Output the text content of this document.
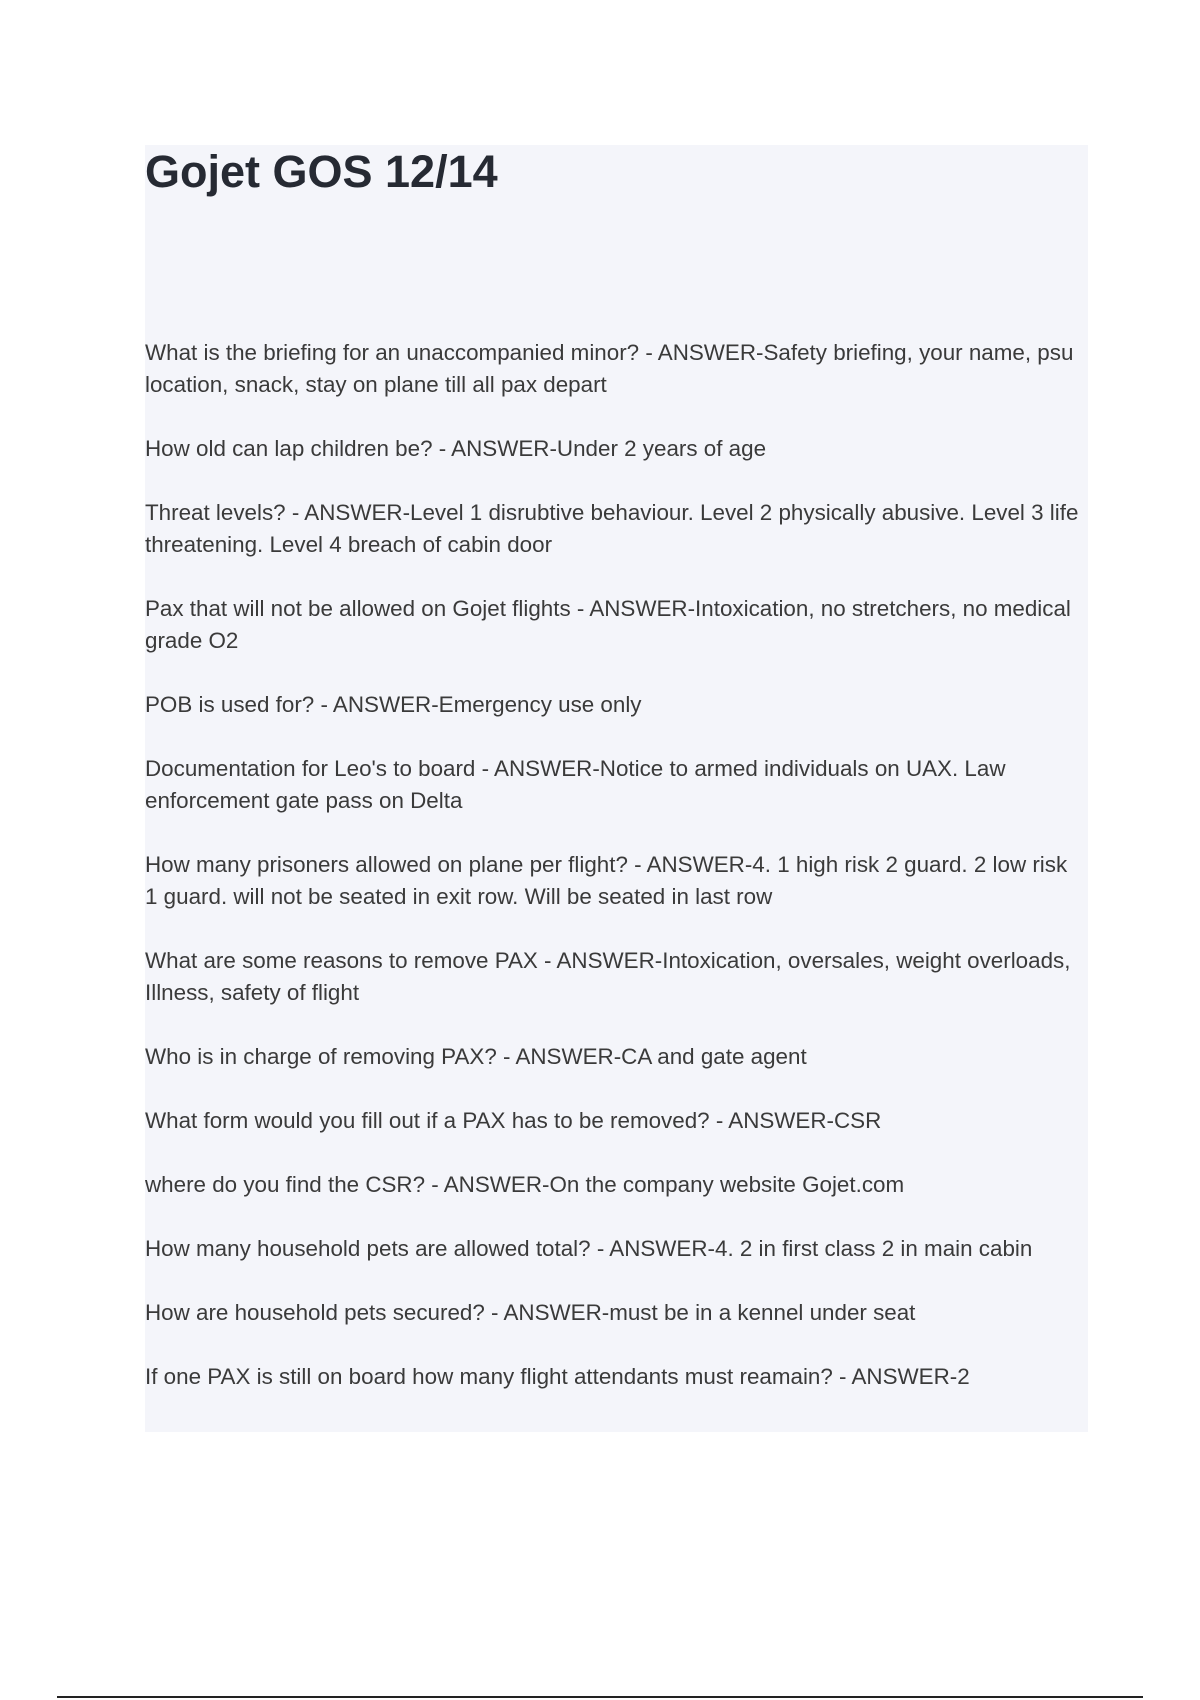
Gojet GOS 12/14
What is the briefing for an unaccompanied minor? - ANSWER-Safety briefing, your name, psu location, snack, stay on plane till all pax depart
How old can lap children be? - ANSWER-Under 2 years of age
Threat levels? - ANSWER-Level 1 disrubtive behaviour. Level 2 physically abusive. Level 3 life threatening. Level 4 breach of cabin door
Pax that will not be allowed on Gojet flights - ANSWER-Intoxication, no stretchers, no medical grade O2
POB is used for? - ANSWER-Emergency use only
Documentation for Leo's to board - ANSWER-Notice to armed individuals on UAX. Law enforcement gate pass on Delta
How many prisoners allowed on plane per flight? - ANSWER-4. 1 high risk 2 guard. 2 low risk 1 guard. will not be seated in exit row. Will be seated in last row
What are some reasons to remove PAX - ANSWER-Intoxication, oversales, weight overloads, Illness, safety of flight
Who is in charge of removing PAX? - ANSWER-CA and gate agent
What form would you fill out if a PAX has to be removed? - ANSWER-CSR
where do you find the CSR? - ANSWER-On the company website Gojet.com
How many household pets are allowed total? - ANSWER-4. 2 in first class 2 in main cabin
How are household pets secured? - ANSWER-must be in a kennel under seat
If one PAX is still on board how many flight attendants must reamain? - ANSWER-2
